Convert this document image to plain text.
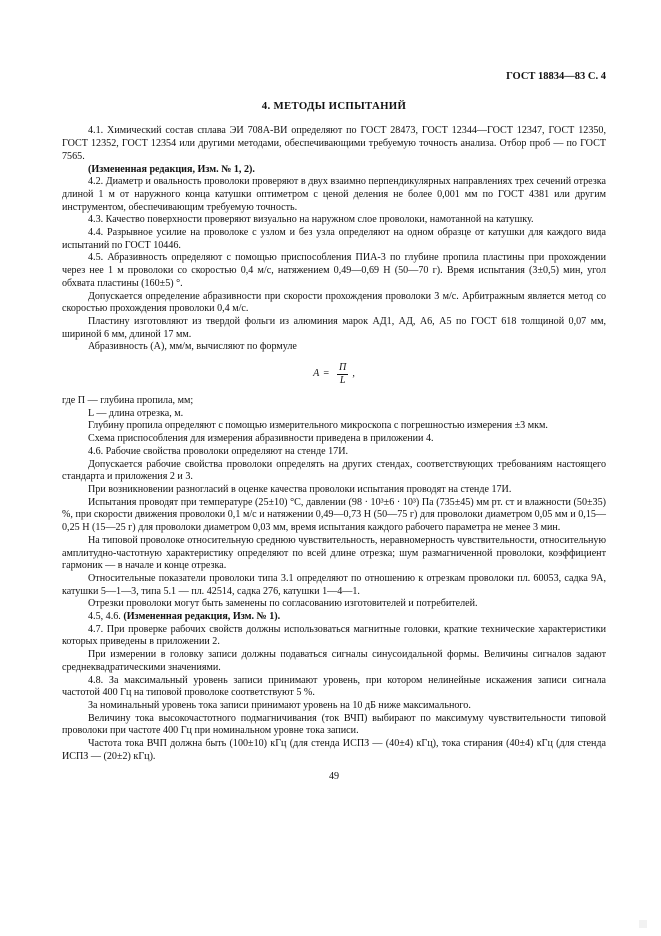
ГОСТ 18834—83 С. 4
4. МЕТОДЫ ИСПЫТАНИЙ

4.1. Химический состав сплава ЭИ 708А-ВИ определяют по ГОСТ 28473, ГОСТ 12344—ГОСТ 12347, ГОСТ 12350, ГОСТ 12352, ГОСТ 12354 или другими методами, обеспечивающими требуемую точность анализа. Отбор проб — по ГОСТ 7565.

(Измененная редакция, Изм. № 1, 2).

4.2. Диаметр и овальность проволоки проверяют в двух взаимно перпендикулярных направлениях трех сечений отрезка длиной 1 м от наружного конца катушки оптиметром с ценой деления не более 0,001 мм по ГОСТ 4381 или другим инструментом, обеспечивающим требуемую точность.

4.3. Качество поверхности проверяют визуально на наружном слое проволоки, намотанной на катушку.

4.4. Разрывное усилие на проволоке с узлом и без узла определяют на одном образце от катушки для каждого вида испытаний по ГОСТ 10446.

4.5. Абразивность определяют с помощью приспособления ПИА-3 по глубине пропила пластины при прохождении через нее 1 м проволоки со скоростью 0,4 м/с, натяжением 0,49—0,69 Н (50—70 г). Время испытания (3±0,5) мин, угол обхвата пластины (160±5) °.

Допускается определение абразивности при скорости прохождения проволоки 3 м/с. Арбитражным является метод со скоростью прохождения проволоки 0,4 м/с.

Пластину изготовляют из твердой фольги из алюминия марок АД1, АД, А6, А5 по ГОСТ 618 толщиной 0,07 мм, шириной 6 мм, длиной 17 мм.

Абразивность (А), мм/м, вычисляют по формуле

$A = \frac{П}{L}$ ,

где П — глубина пропила, мм;

L — длина отрезка, м.

Глубину пропила определяют с помощью измерительного микроскопа с погрешностью измерения ±3 мкм.

Схема приспособления для измерения абразивности приведена в приложении 4.

4.6. Рабочие свойства проволоки определяют на стенде 17И.

Допускается рабочие свойства проволоки определять на других стендах, соответствующих требованиям настоящего стандарта и приложения 2 и 3.

При возникновении разногласий в оценке качества проволоки испытания проводят на стенде 17И.

Испытания проводят при температуре (25±10) °С, давлении (98 · 10³±6 · 10³) Па (735±45) мм рт. ст и влажности (50±35) %, при скорости движения проволоки 0,1 м/с и натяжении 0,49—0,73 Н (50—75 г) для проволоки диаметром 0,05 мм и 0,15—0,25 Н (15—25 г) для проволоки диаметром 0,03 мм, время испытания каждого рабочего параметра не менее 3 мин.

На типовой проволоке относительную среднюю чувствительность, неравномерность чувствительности, относительную амплитудно-частотную характеристику определяют по всей длине отрезка; шум размагниченной проволоки, коэффициент гармоник — в начале и конце отрезка.

Относительные показатели проволоки типа 3.1 определяют по отношению к отрезкам проволоки пл. 60053, садка 9А, катушки 5—1—3, типа 5.1 — пл. 42514, садка 276, катушки 1—4—1.

Отрезки проволоки могут быть заменены по согласованию изготовителей и потребителей.

4.5, 4.6. (Измененная редакция, Изм. № 1).

4.7. При проверке рабочих свойств должны использоваться магнитные головки, краткие технические характеристики которых приведены в приложении 2.

При измерении в головку записи должны подаваться сигналы синусоидальной формы. Величины сигналов задают среднеквадратическими значениями.

4.8. За максимальный уровень записи принимают уровень, при котором нелинейные искажения записи сигнала частотой 400 Гц на типовой проволоке соответствуют 5 %.

За номинальный уровень тока записи принимают уровень на 10 дБ ниже максимального.

Величину тока высокочастотного подмагничивания (ток ВЧП) выбирают по максимуму чувствительности типовой проволоки при частоте 400 Гц при номинальном уровне тока записи.

Частота тока ВЧП должна быть (100±10) кГц (для стенда ИСПЗ — (40±4) кГц), тока стирания (40±4) кГц (для стенда ИСПЗ — (20±2) кГц).

49
